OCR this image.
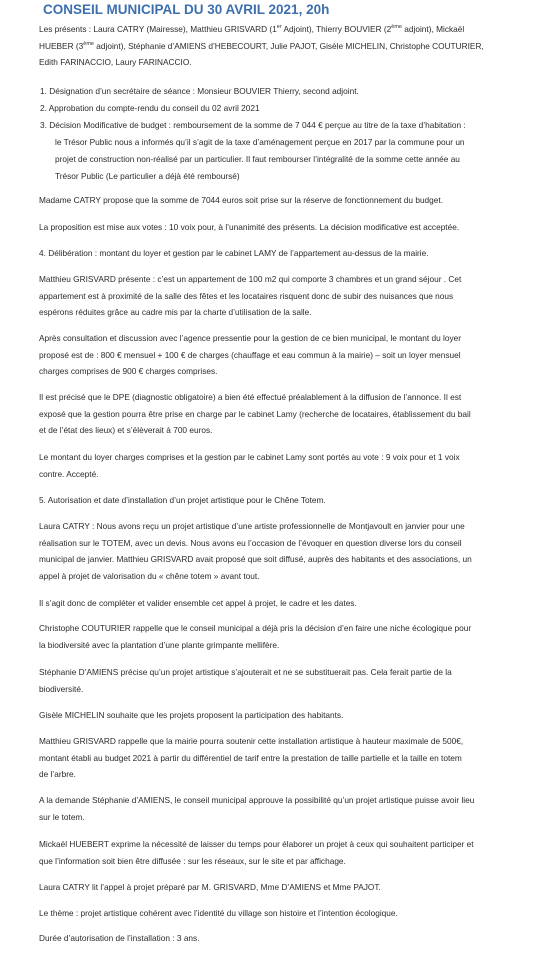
CONSEIL MUNICIPAL DU 30 AVRIL 2021, 20h
Les présents : Laura CATRY (Mairesse), Matthieu GRISVARD (1er Adjoint), Thierry BOUVIER (2ème adjoint), Mickaël
HUEBER (3ème adjoint), Stéphanie d’AMIENS d’HEBECOURT, Julie PAJOT, Gisèle MICHELIN, Christophe COUTURIER,
Edith FARINACCIO, Laury FARINACCIO.
1. Désignation d’un secrétaire de séance : Monsieur BOUVIER Thierry, second adjoint.
2. Approbation du compte-rendu du conseil du 02 avril 2021
3. Décision Modificative de budget : remboursement de la somme de 7 044 € perçue au titre de la taxe d’habitation :
le Trésor Public nous a informés qu’il s’agit de la taxe d’aménagement perçue en 2017 par la commune pour un
projet de construction non-réalisé par un particulier. Il faut rembourser l’intégralité de la somme cette année au
Trésor Public (Le particulier a déjà été remboursé)
Madame CATRY propose que la somme de 7044 euros soit prise sur la réserve de fonctionnement du budget.
La proposition est mise aux votes : 10 voix pour, à l’unanimité des présents. La décision modificative est acceptée.
4. Délibération : montant du loyer et gestion par le cabinet LAMY de l’appartement au-dessus de la mairie.
Matthieu GRISVARD présente : c’est un appartement de 100 m2 qui comporte 3 chambres et un grand séjour . Cet
appartement est à proximité de la salle des fêtes et les locataires risquent donc de subir des nuisances que nous
espérons réduites grâce au cadre mis par la charte d’utilisation de la salle.
Après consultation et discussion avec l’agence pressentie pour la gestion de ce bien municipal, le montant du loyer
proposé est de : 800 € mensuel + 100 € de charges (chauffage et eau commun à la mairie) – soit un loyer mensuel
charges comprises de 900 € charges comprises.
Il est précisé que le DPE (diagnostic obligatoire) a bien été effectué préalablement à la diffusion de l’annonce. Il est
exposé que la gestion pourra être prise en charge par le cabinet Lamy (recherche de locataires, établissement du bail
et de l’état des lieux) et s’élèverait à 700 euros.
Le montant du loyer charges comprises et la gestion par le cabinet Lamy sont portés au vote : 9 voix pour et 1 voix
contre. Accepté.
5. Autorisation et date d’installation d’un projet artistique pour le Chêne Totem.
Laura CATRY : Nous avons reçu un projet artistique d’une artiste professionnelle de Montjavoult en janvier pour une
réalisation sur le TOTEM, avec un devis. Nous avons eu l’occasion de l’évoquer en question diverse lors du conseil
municipal de janvier. Matthieu GRISVARD avait proposé que soit diffusé, auprès des habitants et des associations, un
appel à projet de valorisation du « chêne totem » avant tout.
Il s’agit donc de compléter et valider ensemble cet appel à projet, le cadre et les dates.
Christophe COUTURIER rappelle que le conseil municipal a déjà pris la décision d’en faire une niche écologique pour
la biodiversité avec la plantation d’une plante grimpante mellifère.
Stéphanie D’AMIENS précise qu’un projet artistique s’ajouterait et ne se substituerait pas. Cela ferait partie de la
biodiversité.
Gisèle MICHELIN souhaite que les projets proposent la participation des habitants.
Matthieu GRISVARD rappelle que la mairie pourra soutenir cette installation artistique à hauteur maximale de 500€,
montant établi au budget 2021 à partir du différentiel de tarif entre la prestation de taille partielle et la taille en totem
de l’arbre.
A la demande Stéphanie d’AMIENS, le conseil municipal approuve la possibilité qu’un projet artistique puisse avoir lieu
sur le totem.
Mickaël HUEBERT exprime la nécessité de laisser du temps pour élaborer un projet à ceux qui souhaitent participer et
que l’information soit bien être diffusée : sur les réseaux, sur le site et par affichage.
Laura CATRY lit l’appel à projet préparé par M. GRISVARD, Mme D’AMIENS et Mme PAJOT.
Le thème : projet artistique cohérent avec l’identité du village son histoire et l’intention écologique.
Durée d’autorisation de l’installation : 3 ans.
